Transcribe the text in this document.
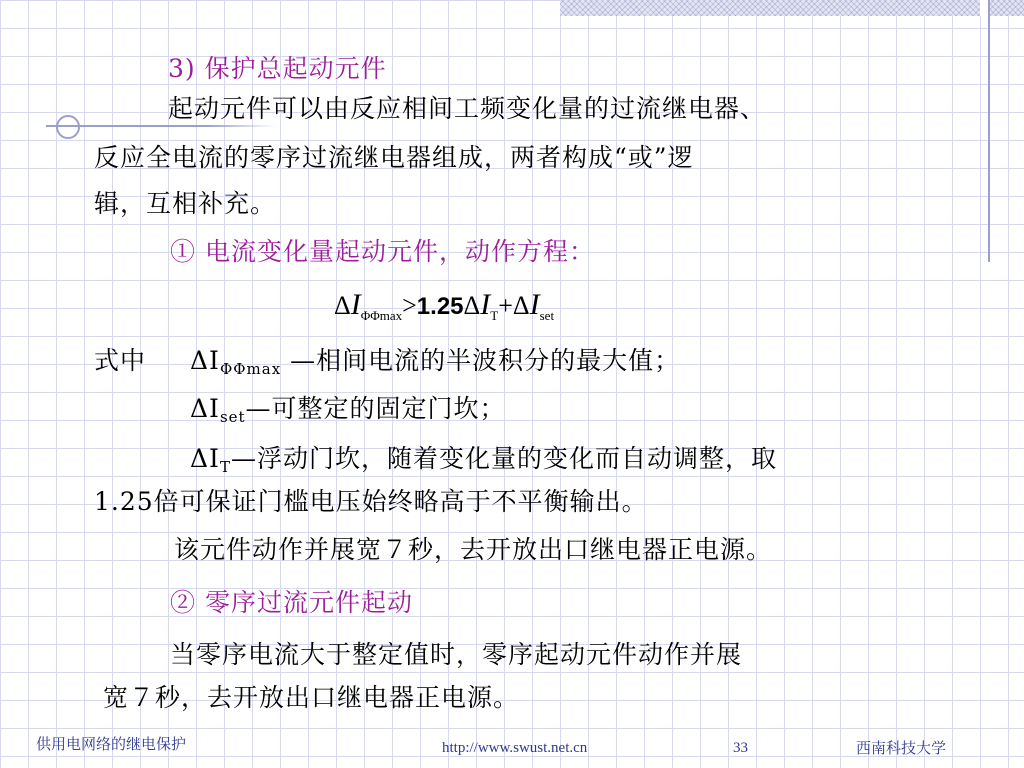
3) 保护总起动元件
起动元件可以由反应相间工频变化量的过流继电器、
反应全电流的零序过流继电器组成，两者构成“或”逻
辑，互相补充。
① 电流变化量起动元件，动作方程：
$\Delta I_{\Phi\Phi max}>1.25\Delta I_T+\Delta I_{set}$
式中 $\Delta I_{\Phi\Phi max}$ —相间电流的半波积分的最大值；
$\Delta I_{set}—$可整定的固定门坎；
$\Delta I_T—$浮动门坎，随着变化量的变化而自动调整，取
1.25倍可保证门槛电压始终略高于不平衡输出。
该元件动作并展宽７秒，去开放出口继电器正电源。
② 零序过流元件起动
当零序电流大于整定值时，零序起动元件动作并展
宽７秒，去开放出口继电器正电源。
供用电网络的继电保护	http://www.swust.net.cn	33	西南科技大学
